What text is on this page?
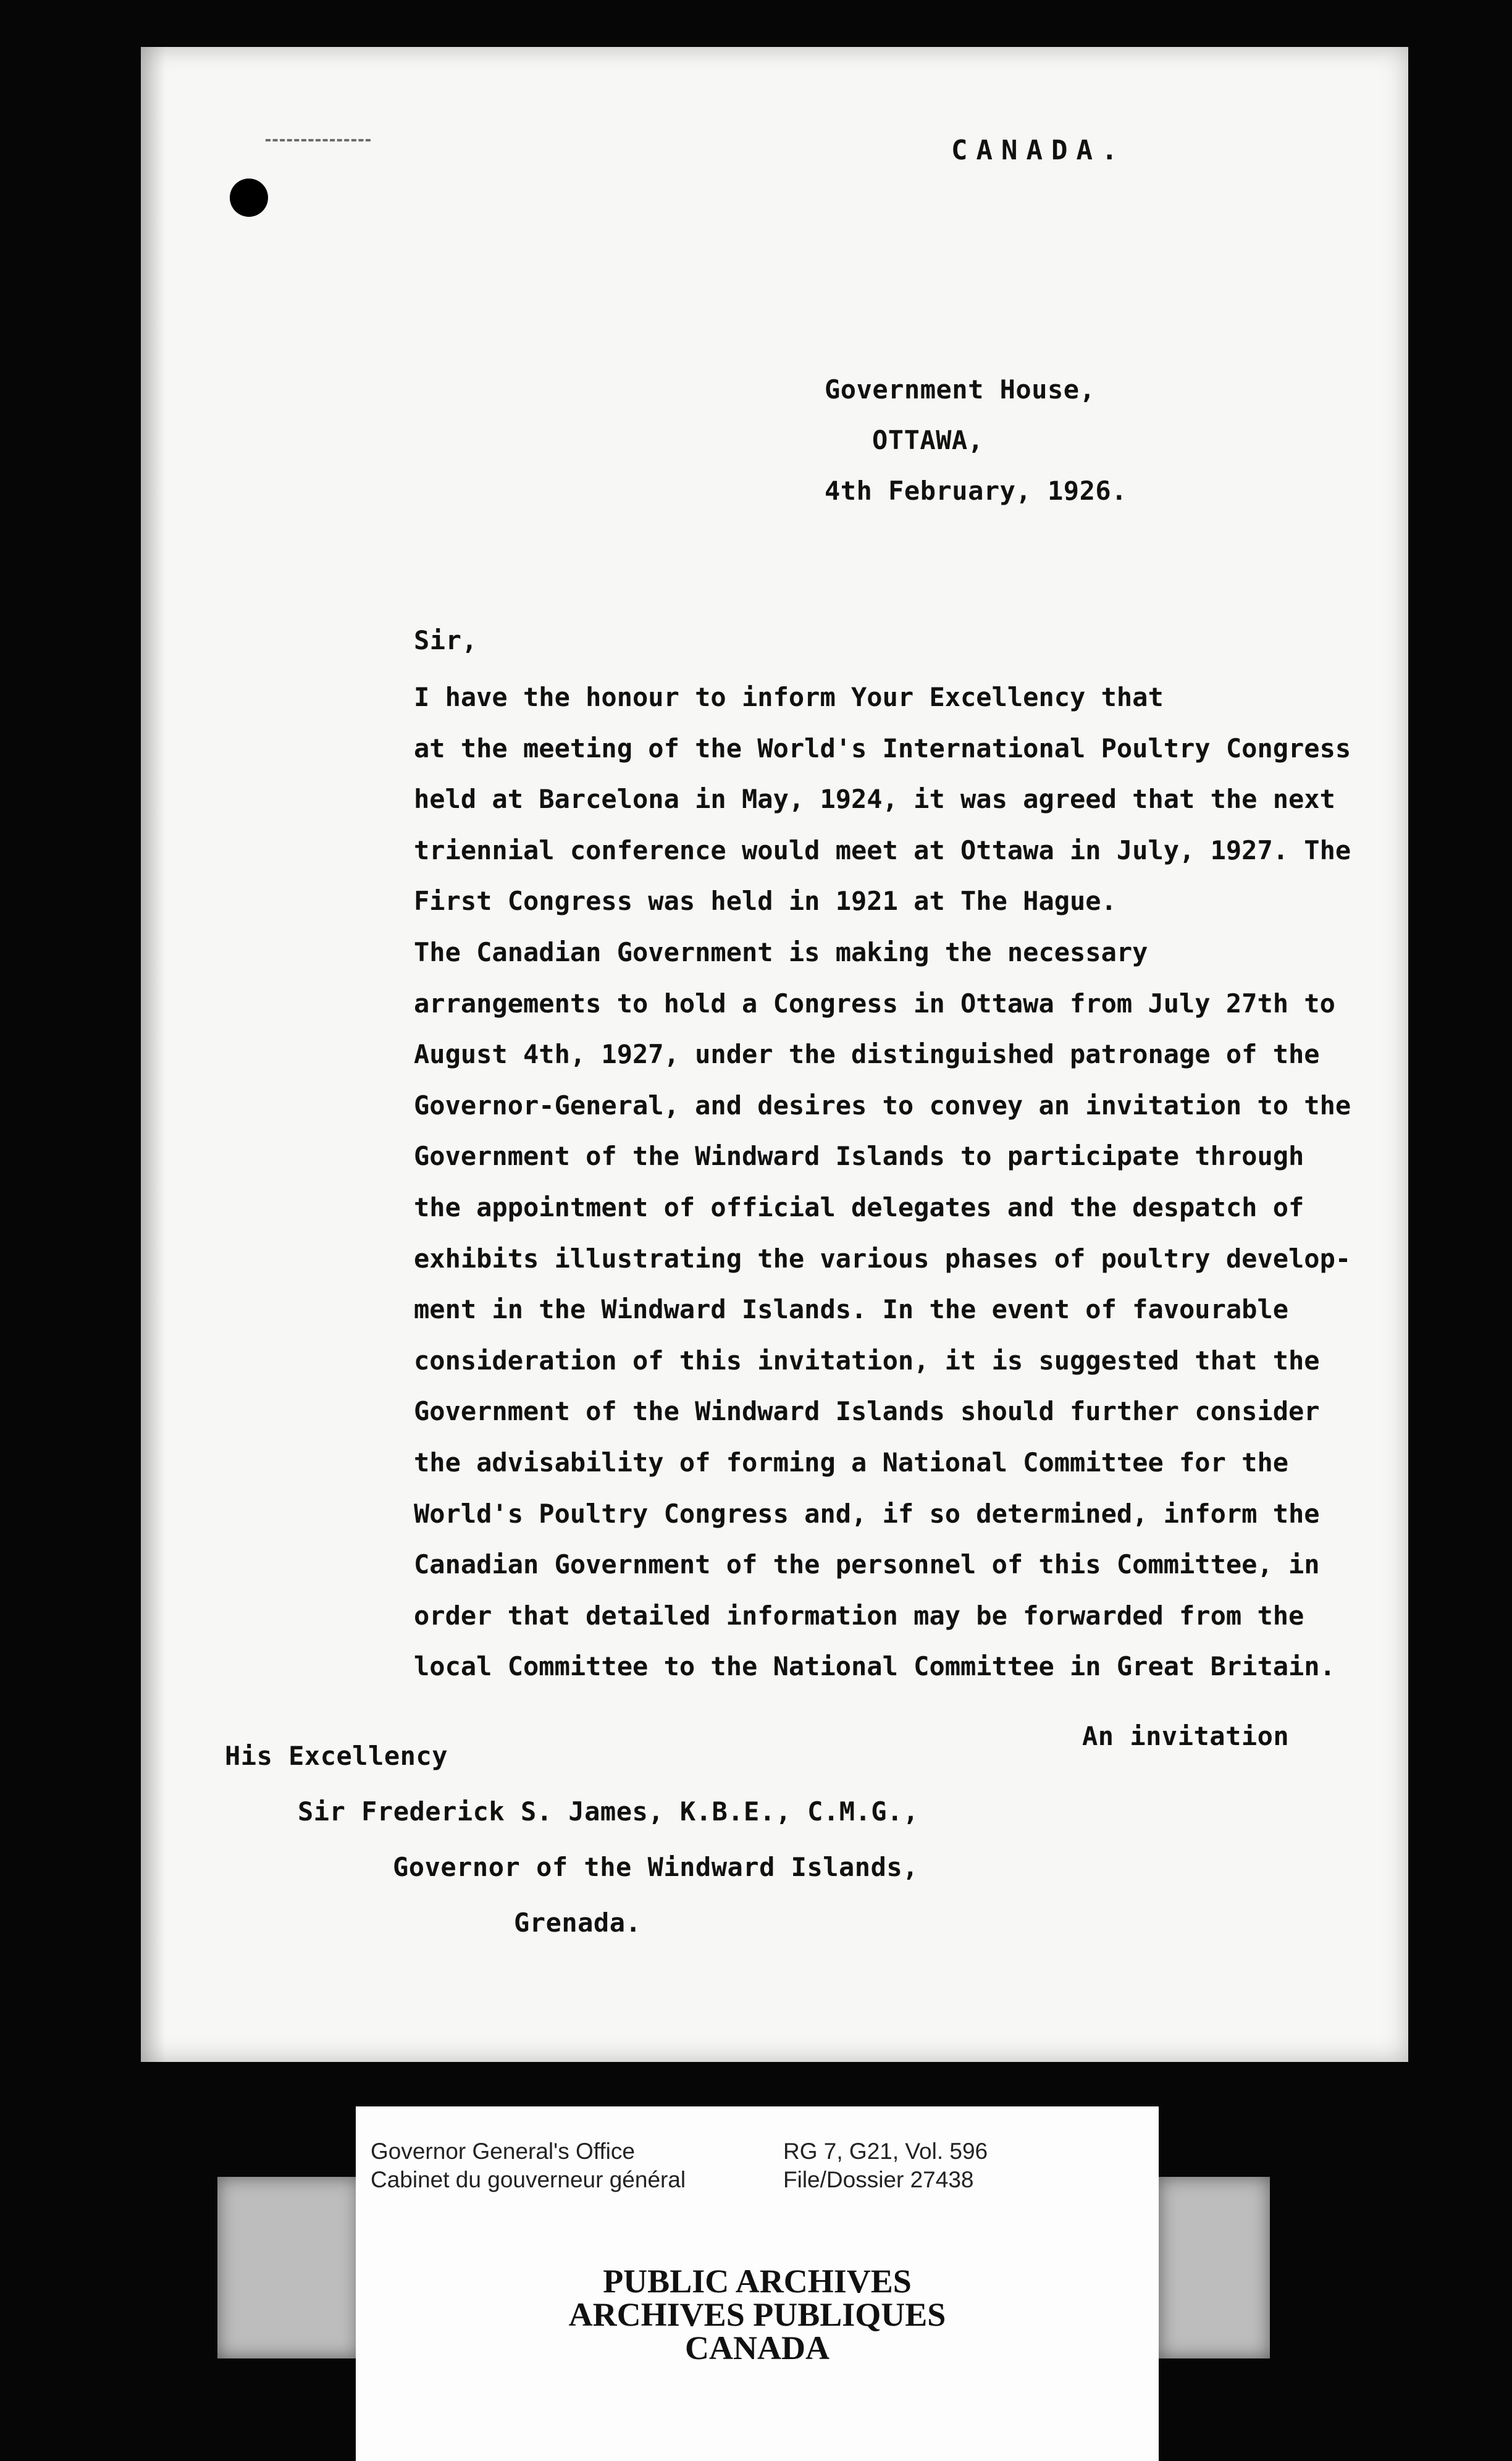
CANADA.
Government House,
OTTAWA,
4th February, 1926.
Sir,
I have the honour to inform Your Excellency that
at the meeting of the World's International Poultry Congress
held at Barcelona in May, 1924, it was agreed that the next
triennial conference would meet at Ottawa in July, 1927. The
First Congress was held in 1921 at The Hague.
The Canadian Government is making the necessary
arrangements to hold a Congress in Ottawa from July 27th to
August 4th, 1927, under the distinguished patronage of the
Governor-General, and desires to convey an invitation to the
Government of the Windward Islands to participate through
the appointment of official delegates and the despatch of
exhibits illustrating the various phases of poultry develop-
ment in the Windward Islands. In the event of favourable
consideration of this invitation, it is suggested that the
Government of the Windward Islands should further consider
the advisability of forming a National Committee for the
World's Poultry Congress and, if so determined, inform the
Canadian Government of the personnel of this Committee, in
order that detailed information may be forwarded from the
local Committee to the National Committee in Great Britain.
An invitation
His Excellency
Sir Frederick S. James, K.B.E., C.M.G.,
Governor of the Windward Islands,
Grenada.
Governor General's Office
Cabinet du gouverneur général
RG 7, G21, Vol. 596
File/Dossier 27438
PUBLIC ARCHIVES
ARCHIVES PUBLIQUES
CANADA
